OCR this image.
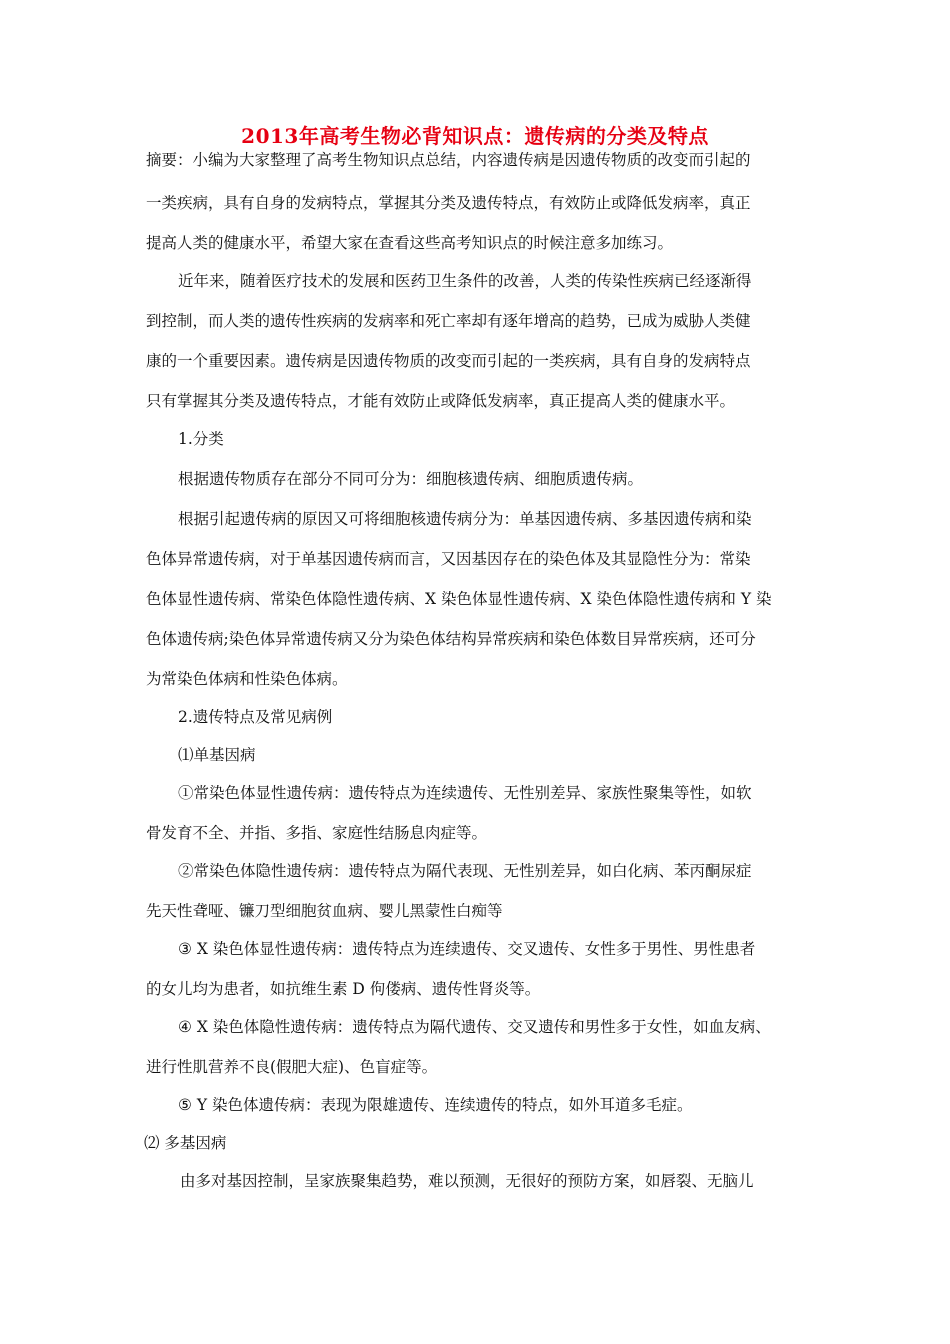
2013年高考生物必背知识点：遗传病的分类及特点
摘要：小编为大家整理了高考生物知识点总结，内容遗传病是因遗传物质的改变而引起的
一类疾病，具有自身的发病特点，掌握其分类及遗传特点，有效防止或降低发病率，真正
提高人类的健康水平，希望大家在查看这些高考知识点的时候注意多加练习。
近年来，随着医疗技术的发展和医药卫生条件的改善，人类的传染性疾病已经逐渐得
到控制，而人类的遗传性疾病的发病率和死亡率却有逐年增高的趋势，已成为威胁人类健
康的一个重要因素。遗传病是因遗传物质的改变而引起的一类疾病，具有自身的发病特点
只有掌握其分类及遗传特点，才能有效防止或降低发病率，真正提高人类的健康水平。
1.分类
根据遗传物质存在部分不同可分为：细胞核遗传病、细胞质遗传病。
根据引起遗传病的原因又可将细胞核遗传病分为：单基因遗传病、多基因遗传病和染
色体异常遗传病，对于单基因遗传病而言，又因基因存在的染色体及其显隐性分为：常染
色体显性遗传病、常染色体隐性遗传病、X 染色体显性遗传病、X 染色体隐性遗传病和 Y 染
色体遗传病;染色体异常遗传病又分为染色体结构异常疾病和染色体数目异常疾病，还可分
为常染色体病和性染色体病。
2.遗传特点及常见病例
⑴单基因病
①常染色体显性遗传病：遗传特点为连续遗传、无性别差异、家族性聚集等性，如软
骨发育不全、并指、多指、家庭性结肠息肉症等。
②常染色体隐性遗传病：遗传特点为隔代表现、无性别差异，如白化病、苯丙酮尿症
先天性聋哑、镰刀型细胞贫血病、婴儿黑蒙性白痴等
③ X 染色体显性遗传病：遗传特点为连续遗传、交叉遗传、女性多于男性、男性患者
的女儿均为患者，如抗维生素 D 佝偻病、遗传性肾炎等。
④ X 染色体隐性遗传病：遗传特点为隔代遗传、交叉遗传和男性多于女性，如血友病、
进行性肌营养不良(假肥大症)、色盲症等。
⑤ Y 染色体遗传病：表现为限雄遗传、连续遗传的特点，如外耳道多毛症。
⑵ 多基因病
由多对基因控制，呈家族聚集趋势，难以预测，无很好的预防方案，如唇裂、无脑儿
